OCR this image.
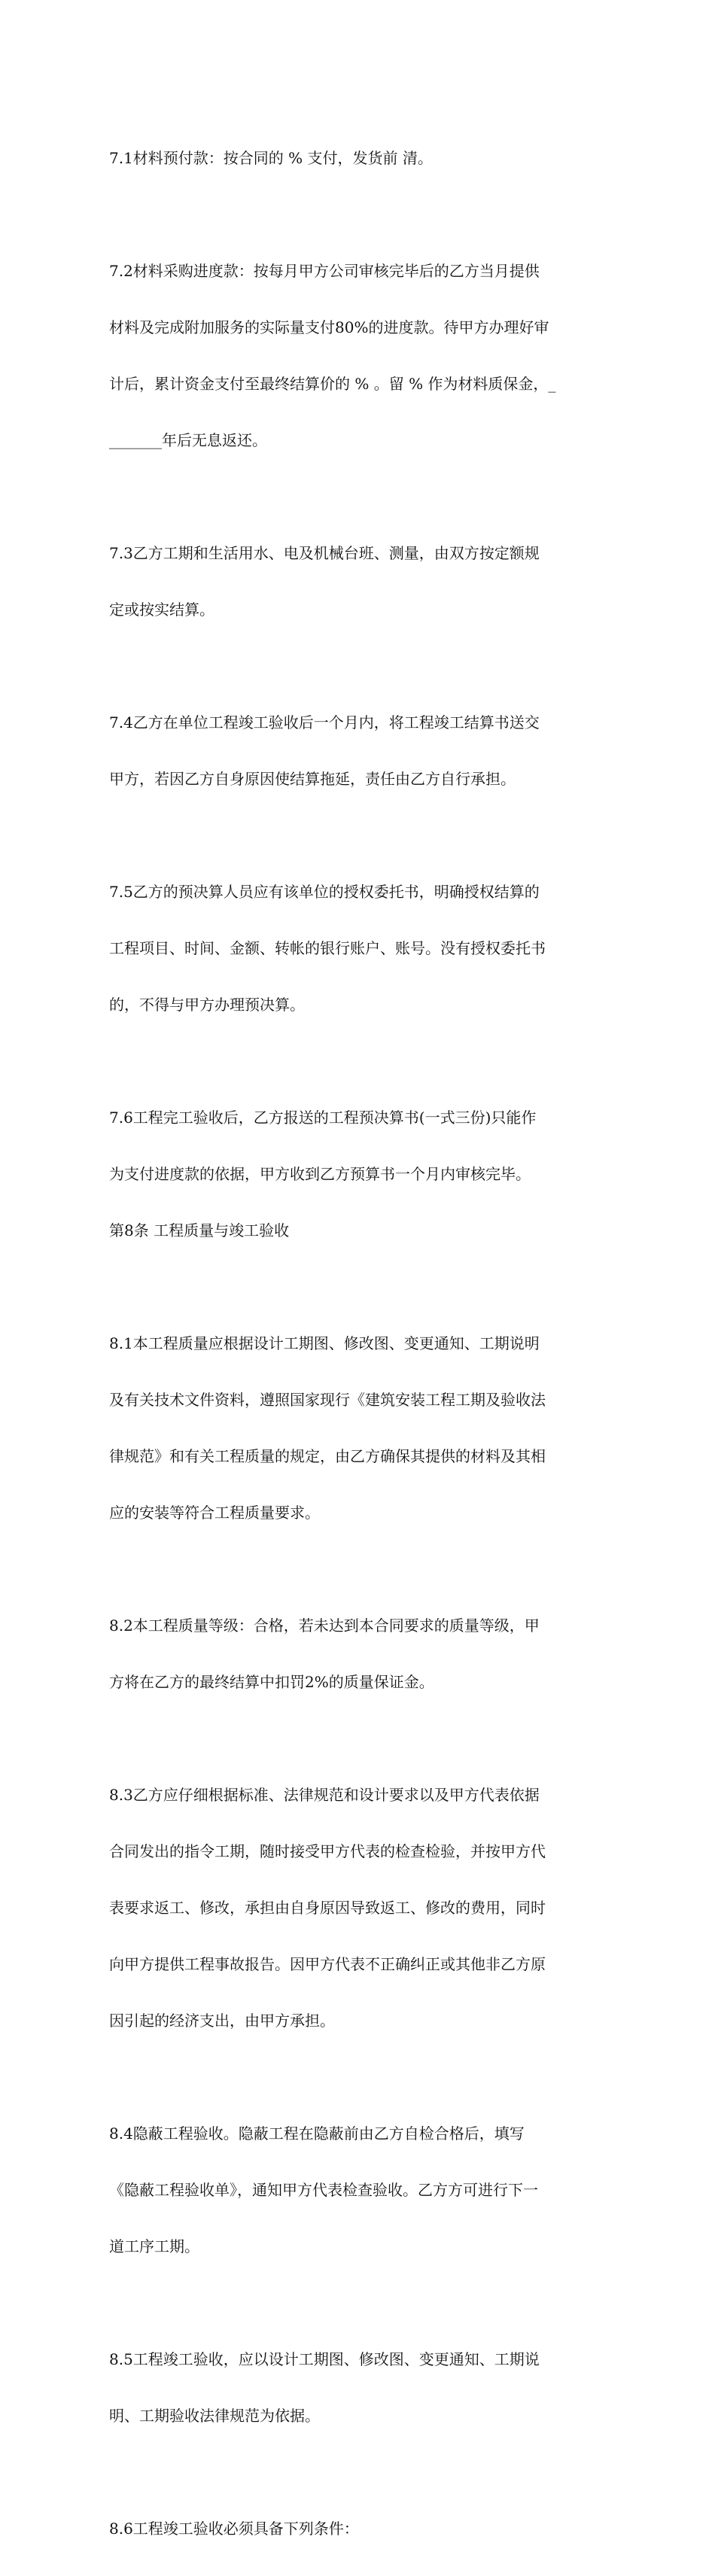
7.1材料预付款：按合同的 % 支付，发货前 清。

7.2材料采购进度款：按每月甲方公司审核完毕后的乙方当月提供

材料及完成附加服务的实际量支付80%的进度款。待甲方办理好审

计后，累计资金支付至最终结算价的 % 。留 % 作为材料质保金，_

_______年后无息返还。

7.3乙方工期和生活用水、电及机械台班、测量，由双方按定额规

定或按实结算。

7.4乙方在单位工程竣工验收后一个月内，将工程竣工结算书送交

甲方，若因乙方自身原因使结算拖延，责任由乙方自行承担。

7.5乙方的预决算人员应有该单位的授权委托书，明确授权结算的

工程项目、时间、金额、转帐的银行账户、账号。没有授权委托书

的，不得与甲方办理预决算。

7.6工程完工验收后，乙方报送的工程预决算书(一式三份)只能作

为支付进度款的依据，甲方收到乙方预算书一个月内审核完毕。

第8条 工程质量与竣工验收

8.1本工程质量应根据设计工期图、修改图、变更通知、工期说明

及有关技术文件资料，遵照国家现行《建筑安装工程工期及验收法

律规范》和有关工程质量的规定，由乙方确保其提供的材料及其相

应的安装等符合工程质量要求。

8.2本工程质量等级：合格，若未达到本合同要求的质量等级，甲

方将在乙方的最终结算中扣罚2%的质量保证金。

8.3乙方应仔细根据标准、法律规范和设计要求以及甲方代表依据

合同发出的指令工期，随时接受甲方代表的检查检验，并按甲方代

表要求返工、修改，承担由自身原因导致返工、修改的费用，同时

向甲方提供工程事故报告。因甲方代表不正确纠正或其他非乙方原

因引起的经济支出，由甲方承担。

8.4隐蔽工程验收。隐蔽工程在隐蔽前由乙方自检合格后，填写

《隐蔽工程验收单》，通知甲方代表检查验收。乙方方可进行下一

道工序工期。

8.5工程竣工验收，应以设计工期图、修改图、变更通知、工期说

明、工期验收法律规范为依据。

8.6工程竣工验收必须具备下列条件：
